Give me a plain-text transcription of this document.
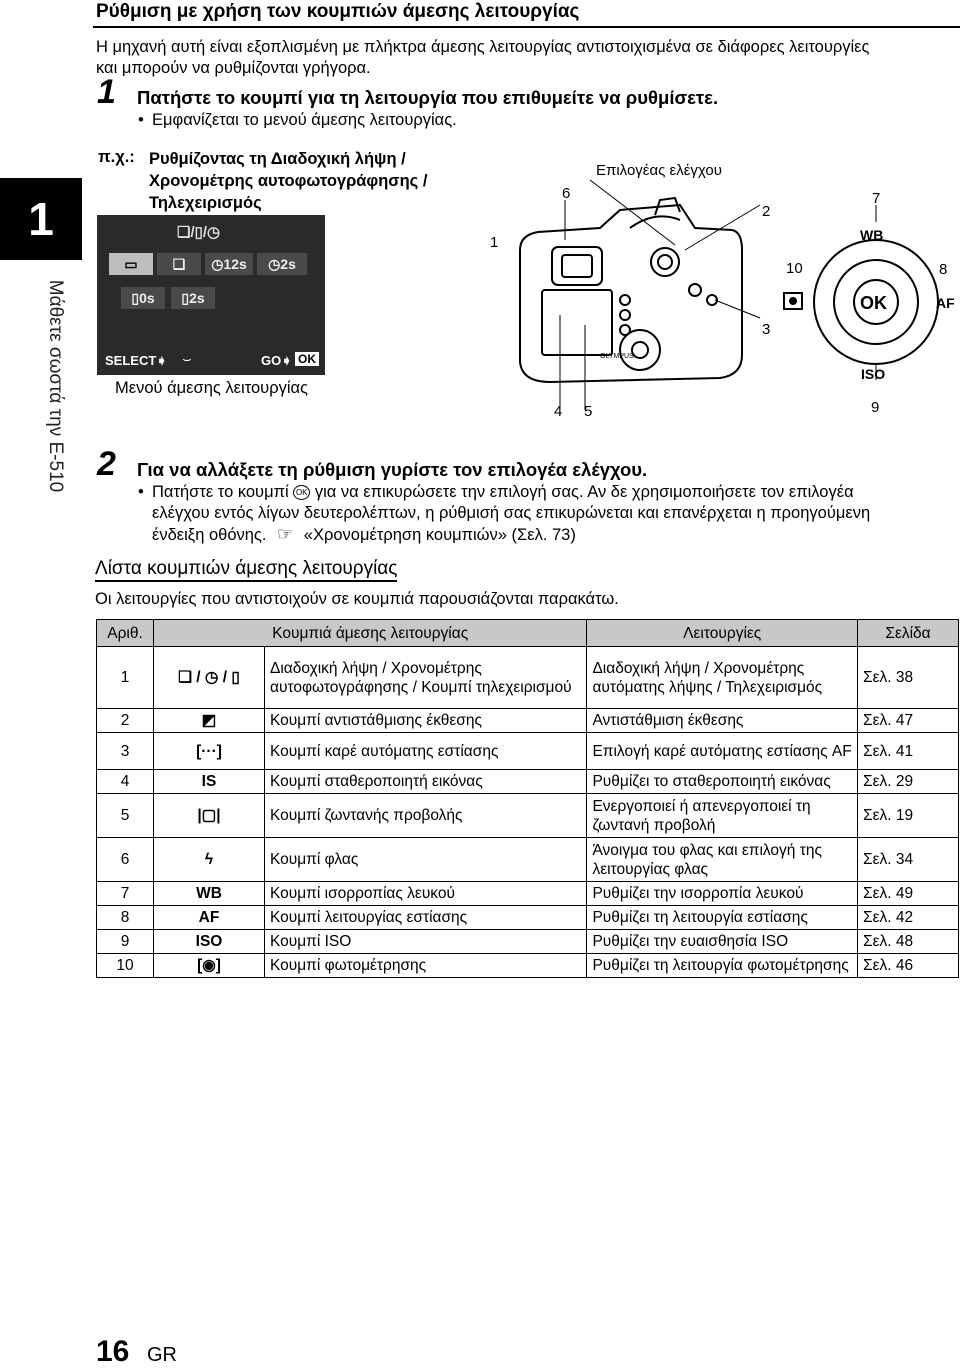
Ρύθμιση με χρήση των κουμπιών άμεσης λειτουργίας
1
Μάθετε σωστά την E-510
Η μηχανή αυτή είναι εξοπλισμένη με πλήκτρα άμεσης λειτουργίας αντιστοιχισμένα σε διάφορες λειτουργίες
και μπορούν να ρυθμίζονται γρήγορα.
1 Πατήστε το κουμπί για τη λειτουργία που επιθυμείτε να ρυθμίσετε.
• Εμφανίζεται το μενού άμεσης λειτουργίας.
π.χ.: Ρυθμίζοντας τη Διαδοχική λήψη /
Χρονομέτρης αυτοφωτογράφησης /
Τηλεχειρισμός
❏/▯/◷
▭	❏	◷12s	◷2s
▯0s	▯2s
SELECT➧ ⌣	GO➧ OK
Μενού άμεσης λειτουργίας
OLYMPUS
WB
OK
ISO
AF
Επιλογέας ελέγχου
1
6
2
7
10	8
3
9
4 5
2 Για να αλλάξετε τη ρύθμιση γυρίστε τον επιλογέα ελέγχου.
• Πατήστε το κουμπί OK για να επικυρώσετε την επιλογή σας. Αν δε χρησιμοποιήσετε τον επιλογέα
ελέγχου εντός λίγων δευτερολέπτων, η ρύθμισή σας επικυρώνεται και επανέρχεται η προηγούμενη
ένδειξη οθόνης. ☞ «Χρονομέτρηση κουμπιών» (Σελ. 73)
Λίστα κουμπιών άμεσης λειτουργίας
Οι λειτουργίες που αντιστοιχούν σε κουμπιά παρουσιάζονται παρακάτω.
Αριθ.	Κουμπιά άμεσης λειτουργίας		Λειτουργίες	Σελίδα
1	❏ / ◷ / ▯	Διαδοχική λήψη / Χρονομέτρης αυτοφωτογράφησης / Κουμπί τηλεχειρισμού	Διαδοχική λήψη / Χρονομέτρης αυτόματης λήψης / Τηλεχειρισμός	Σελ. 38
2	◩	Κουμπί αντιστάθμισης έκθεσης	Αντιστάθμιση έκθεσης	Σελ. 47
3	[···]	Κουμπί καρέ αυτόματης εστίασης	Επιλογή καρέ αυτόματης εστίασης AF	Σελ. 41
4	IS	Κουμπί σταθεροποιητή εικόνας	Ρυθμίζει το σταθεροποιητή εικόνας	Σελ. 29
5	|▢|	Κουμπί ζωντανής προβολής	Ενεργοποιεί ή απενεργοποιεί τη ζωντανή προβολή	Σελ. 19
6	ϟ	Κουμπί φλας	Άνοιγμα του φλας και επιλογή της λειτουργίας φλας	Σελ. 34
7	WB	Κουμπί ισορροπίας λευκού	Ρυθμίζει την ισορροπία λευκού	Σελ. 49
8	AF	Κουμπί λειτουργίας εστίασης	Ρυθμίζει τη λειτουργία εστίασης	Σελ. 42
9	ISO	Κουμπί ISO	Ρυθμίζει την ευαισθησία ISO	Σελ. 48
10	[◉]	Κουμπί φωτομέτρησης	Ρυθμίζει τη λειτουργία φωτομέτρησης	Σελ. 46
16 GR
